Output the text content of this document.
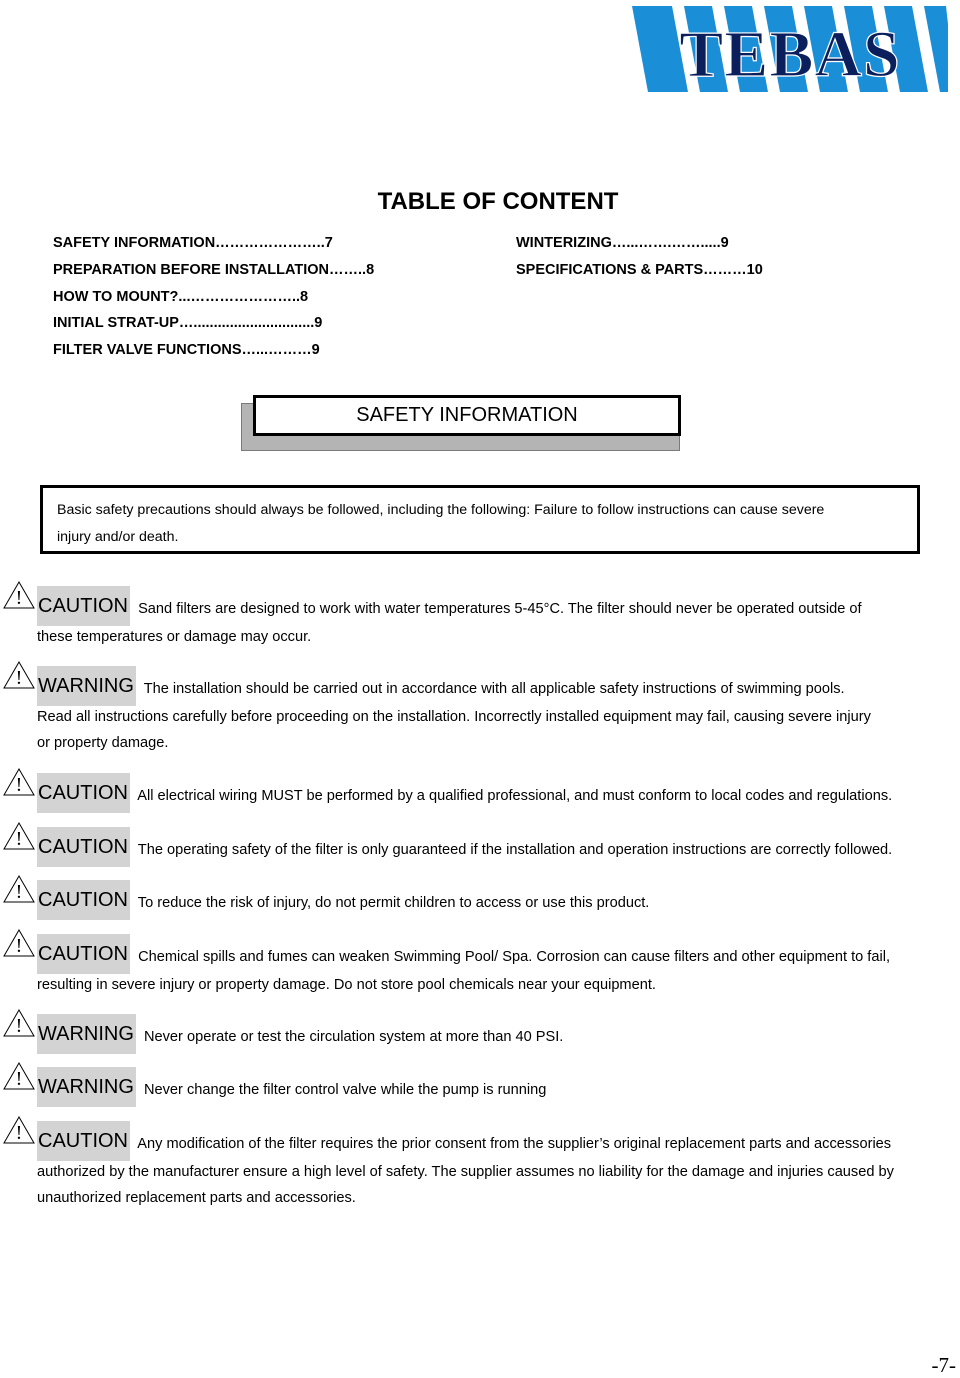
TEBAS
TABLE OF CONTENT
SAFETY INFORMATION…………………..7
PREPARATION BEFORE INSTALLATION……..8
HOW TO MOUNT?...…………………..8
INITIAL STRAT-UP…..............................9
FILTER VALVE FUNCTIONS…...………9
WINTERIZING…...…….…….....9
SPECIFICATIONS & PARTS………10
SAFETY INFORMATION
Basic safety precautions should always be followed, including the following: Failure to follow instructions can cause severe
injury and/or death.
! CAUTION Sand filters are designed to work with water temperatures 5-45°C. The filter should never be operated outside of
these temperatures or damage may occur.
! WARNING The installation should be carried out in accordance with all applicable safety instructions of swimming pools.
Read all instructions carefully before proceeding on the installation. Incorrectly installed equipment may fail, causing severe injury
or property damage.
! CAUTION All electrical wiring MUST be performed by a qualified professional, and must conform to local codes and regulations.
! CAUTION The operating safety of the filter is only guaranteed if the installation and operation instructions are correctly followed.
! CAUTION To reduce the risk of injury, do not permit children to access or use this product.
! CAUTION Chemical spills and fumes can weaken Swimming Pool/ Spa. Corrosion can cause filters and other equipment to fail,
resulting in severe injury or property damage. Do not store pool chemicals near your equipment.
! WARNING Never operate or test the circulation system at more than 40 PSI.
! WARNING Never change the filter control valve while the pump is running
! CAUTION Any modification of the filter requires the prior consent from the supplier’s original replacement parts and accessories
authorized by the manufacturer ensure a high level of safety. The supplier assumes no liability for the damage and injuries caused by
unauthorized replacement parts and accessories.
-7-
